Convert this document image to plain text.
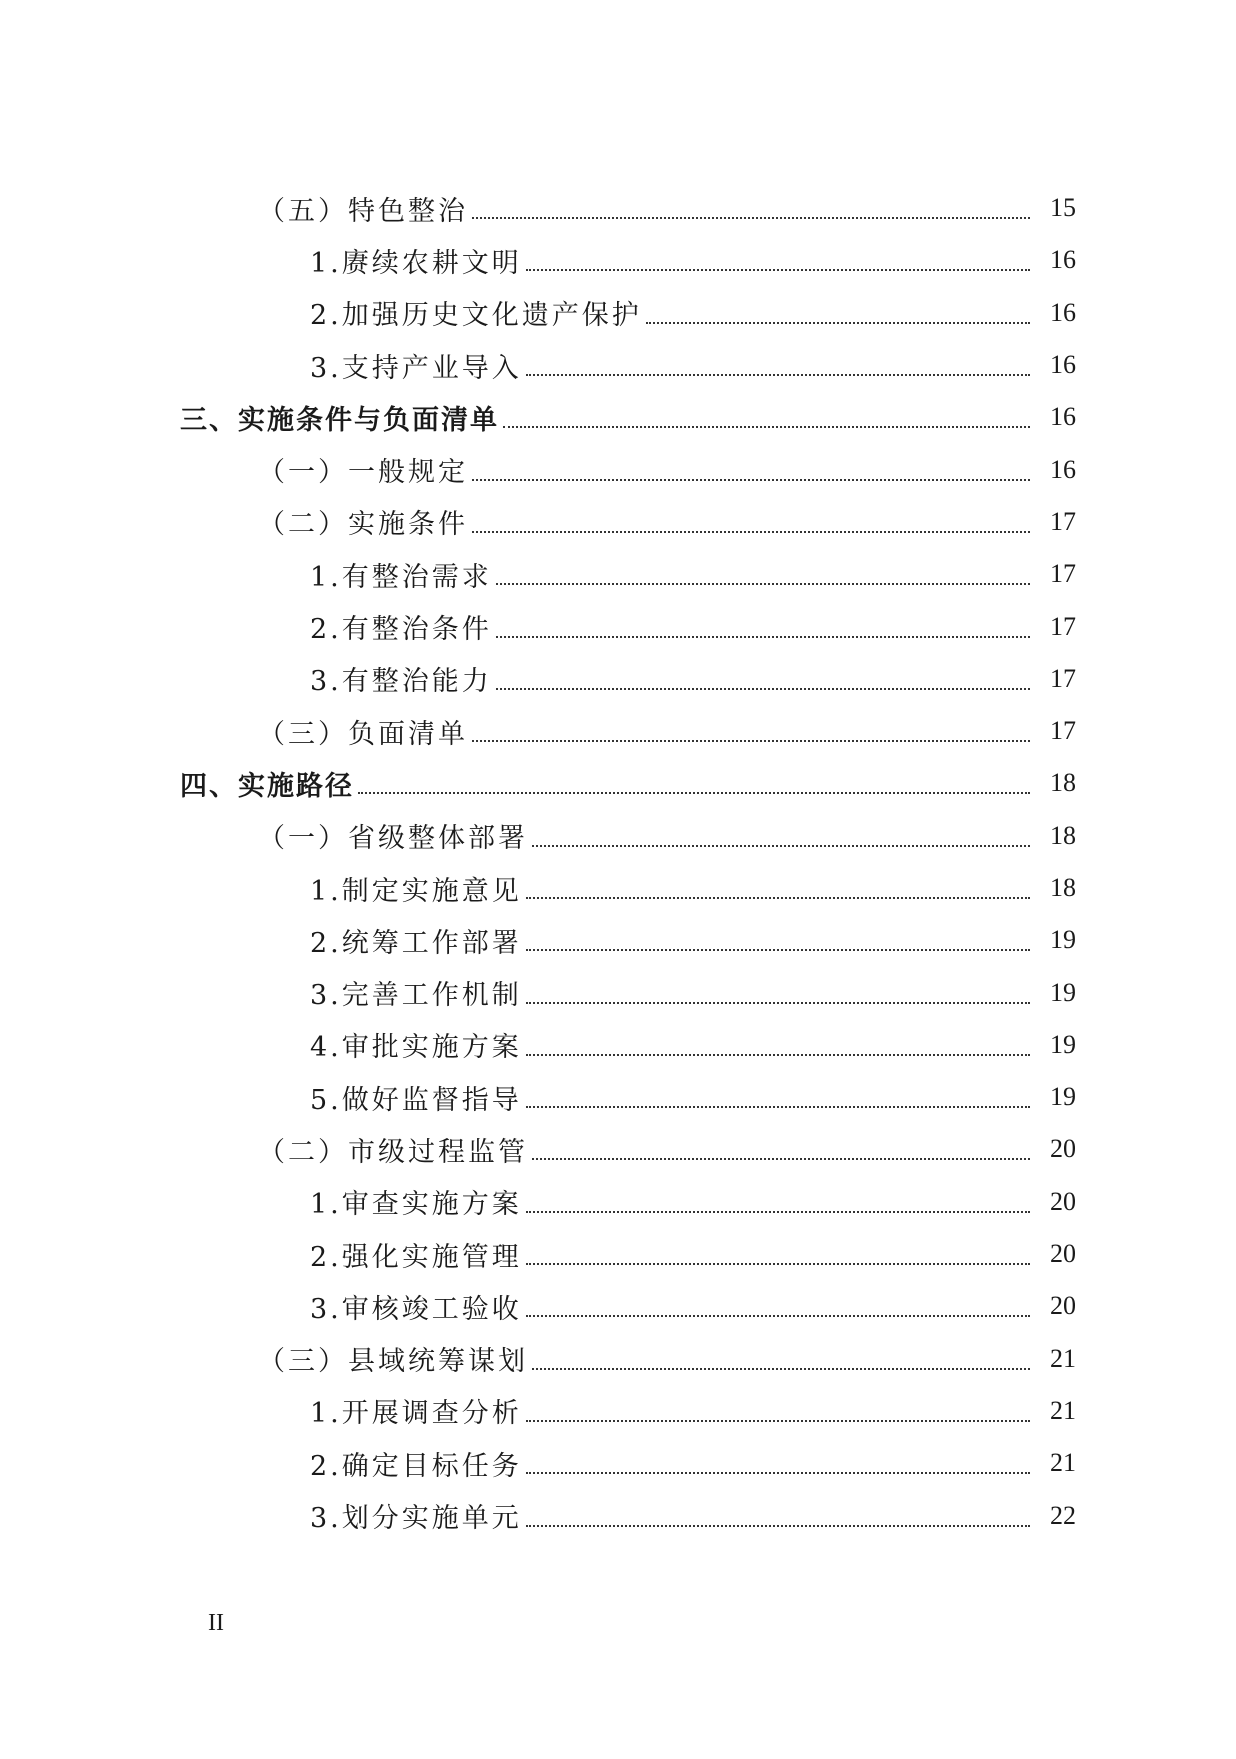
（五）特色整治	15
1.赓续农耕文明	16
2.加强历史文化遗产保护	16
3.支持产业导入	16
三、实施条件与负面清单	16
（一）一般规定	16
（二）实施条件	17
1.有整治需求	17
2.有整治条件	17
3.有整治能力	17
（三）负面清单	17
四、实施路径	18
（一）省级整体部署	18
1.制定实施意见	18
2.统筹工作部署	19
3.完善工作机制	19
4.审批实施方案	19
5.做好监督指导	19
（二）市级过程监管	20
1.审查实施方案	20
2.强化实施管理	20
3.审核竣工验收	20
（三）县域统筹谋划	21
1.开展调查分析	21
2.确定目标任务	21
3.划分实施单元	22
II
